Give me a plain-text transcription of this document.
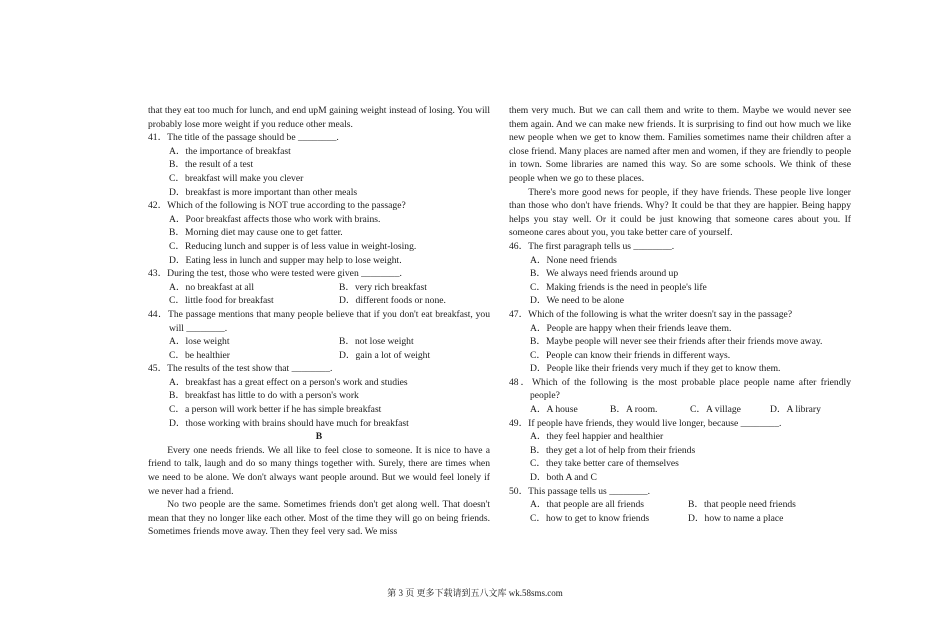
that they eat too much for lunch, and end upM gaining weight instead of losing. You will probably lose more weight if you reduce other meals.

41．The title of the passage should be ________.

A．the importance of breakfast

B．the result of a test

C．breakfast will make you clever

D．breakfast is more important than other meals

42．Which of the following is NOT true according to the passage?

A．Poor breakfast affects those who work with brains.

B．Morning diet may cause one to get fatter.

C．Reducing lunch and supper is of less value in weight-losing.

D．Eating less in lunch and supper may help to lose weight.

43．During the test, those who were tested were given ________.

A．no breakfast at all	B．very rich breakfast
C．little food for breakfast	D．different foods or none.

44．The passage mentions that many people believe that if you don't eat breakfast, you will ________.

A．lose weight	B．not lose weight
C．be healthier	D．gain a lot of weight

45．The results of the test show that ________.

A．breakfast has a great effect on a person's work and studies

B．breakfast has little to do with a person's work

C．a person will work better if he has simple breakfast

D．those working with brains should have much for breakfast

B

Every one needs friends. We all like to feel close to someone. It is nice to have a friend to talk, laugh and do so many things together with. Surely, there are times when we need to be alone. We don't always want people around. But we would feel lonely if we never had a friend.

No two people are the same. Sometimes friends don't get along well. That doesn't mean that they no longer like each other. Most of the time they will go on being friends. Sometimes friends move away. Then they feel very sad. We miss

them very much. But we can call them and write to them. Maybe we would never see them again. And we can make new friends. It is surprising to find out how much we like new people when we get to know them. Families sometimes name their children after a close friend. Many places are named after men and women, if they are friendly to people in town. Some libraries are named this way. So are some schools. We think of these people when we go to these places.

There's more good news for people, if they have friends. These people live longer than those who don't have friends. Why? It could be that they are happier. Being happy helps you stay well. Or it could be just knowing that someone cares about you. If someone cares about you, you take better care of yourself.

46．The first paragraph tells us ________.

A．None need friends

B．We always need friends around up

C．Making friends is the need in people's life

D．We need to be alone

47．Which of the following is what the writer doesn't say in the passage?

A．People are happy when their friends leave them.

B．Maybe people will never see their friends after their friends move away.

C．People can know their friends in different ways.

D．People like their friends very much if they get to know them.

48．Which of the following is the most probable place people name after friendly people?

A．A house	B．A room.	C．A village	D．A library

49．If people have friends, they would live longer, because ________.

A．they feel happier and healthier

B．they get a lot of help from their friends

C．they take better care of themselves

D．both A and C

50．This passage tells us ________.

A．that people are all friends	B．that people need friends
C．how to get to know friends	D．how to name a place
第 3 页 更多下载请到五八文库 wk.58sms.com
